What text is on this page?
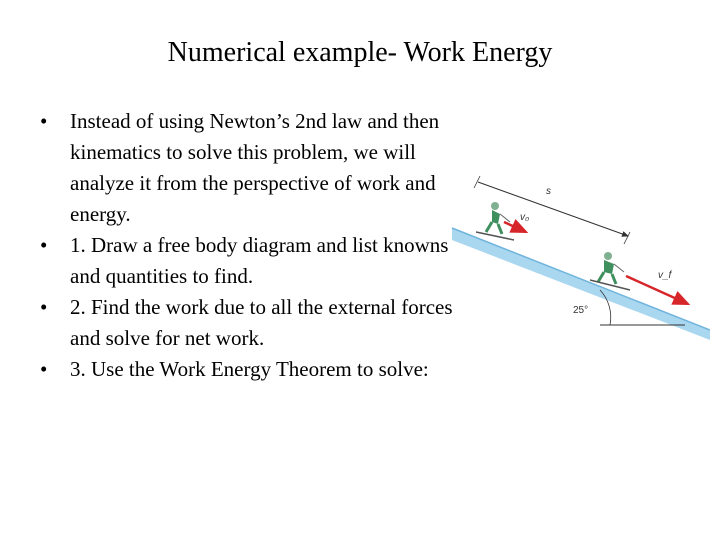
Numerical example- Work Energy
•	Instead of using Newton’s 2nd law and then kinematics to solve this problem, we will analyze it from the perspective of work and energy.
•	1. Draw a free body diagram and list knowns and quantities to find.
•	2. Find the work due to all the external forces and solve for net work.
•	3. Use the Work Energy Theorem to solve:
s
v₀
v_f
25°
